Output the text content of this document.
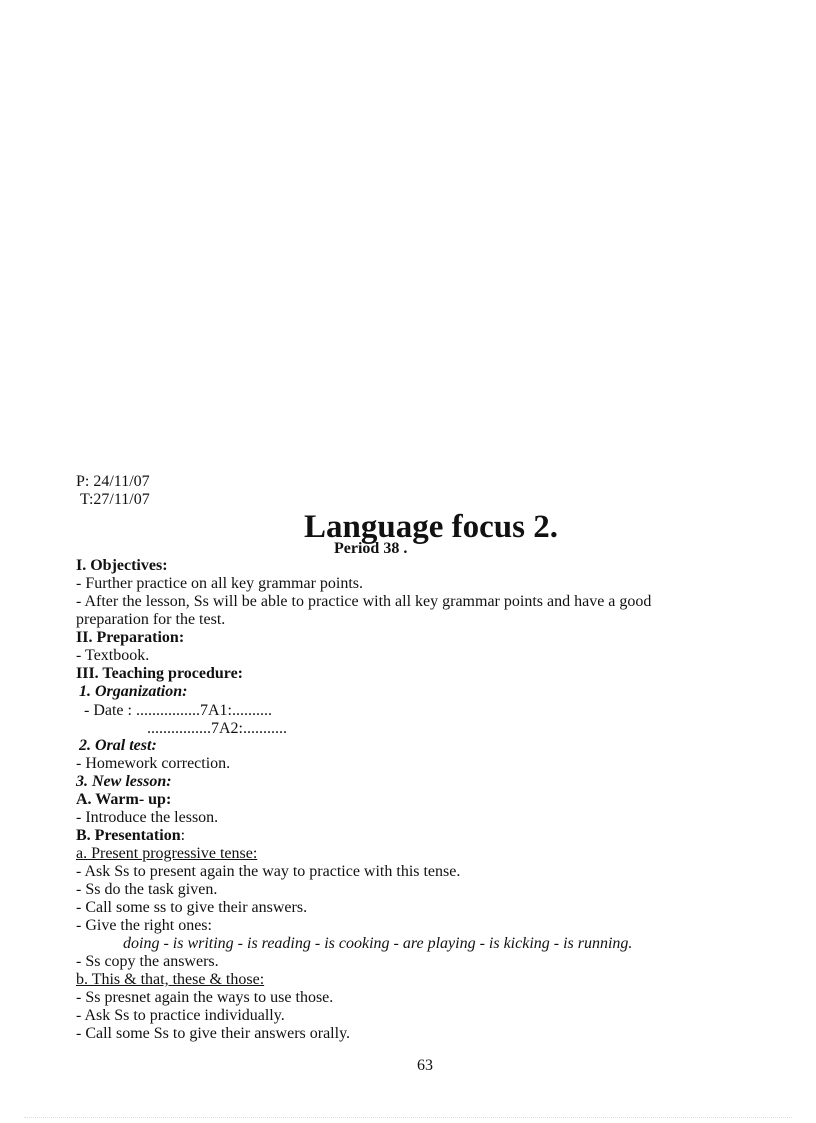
P: 24/11/07
T:27/11/07
Language focus 2.
Period 38 .
I. Objectives:
- Further practice on all key grammar points.
- After the lesson, Ss will be able to practice with all key grammar points and have a good
preparation for the test.
II. Preparation:
- Textbook.
III. Teaching procedure:
1. Organization:
- Date : ................7A1:..........
................7A2:...........
2. Oral test:
- Homework correction.
3. New lesson:
A. Warm- up:
- Introduce the lesson.
B. Presentation:
a. Present progressive tense:
- Ask Ss to present again the way to practice with this tense.
- Ss do the task given.
- Call some ss to give their answers.
- Give the right ones:
doing - is writing - is reading - is cooking - are playing - is kicking - is running.
- Ss copy the answers.
b. This & that, these & those:
- Ss presnet again the ways to use those.
- Ask Ss to practice individually.
- Call some Ss to give their answers orally.
63
